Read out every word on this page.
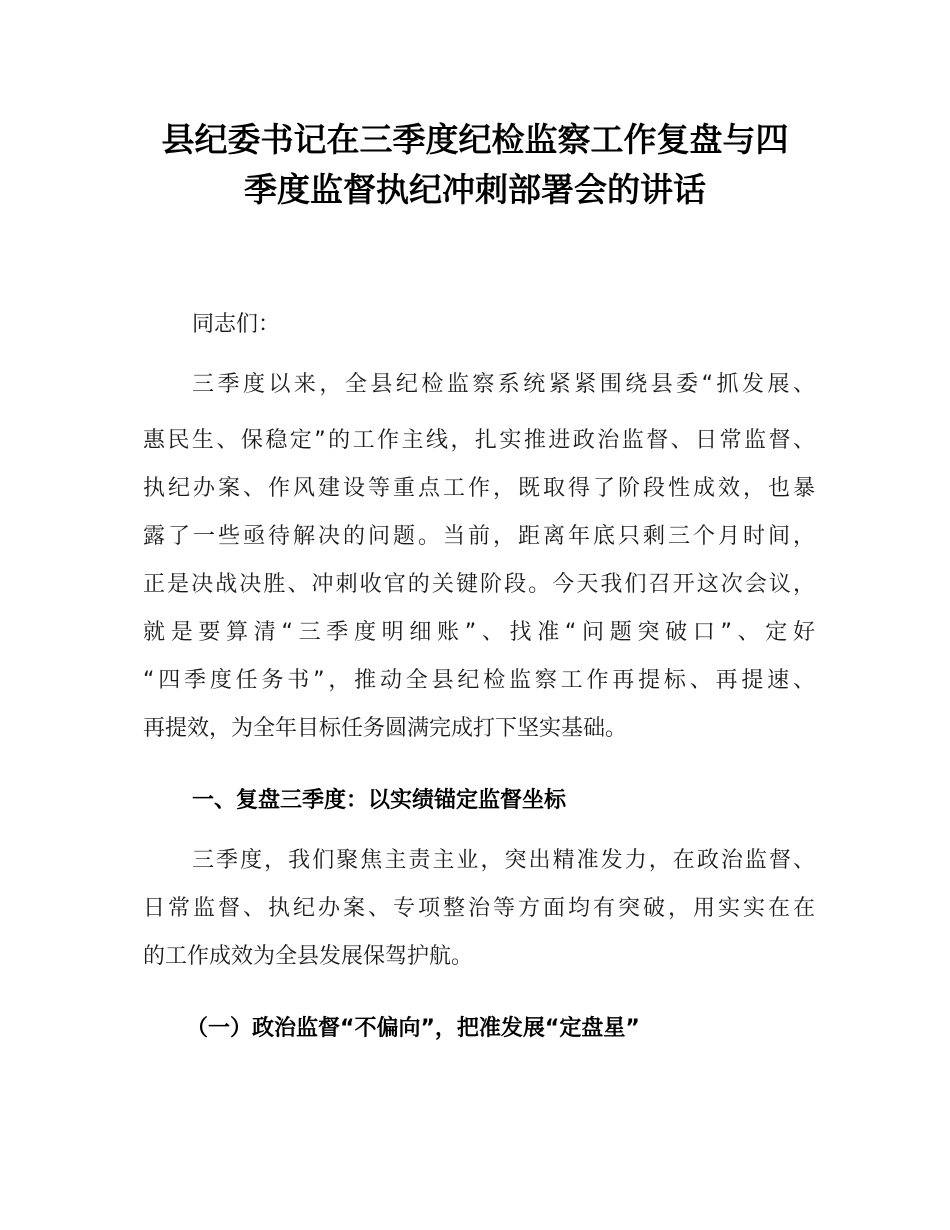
县纪委书记在三季度纪检监察工作复盘与四
季度监督执纪冲刺部署会的讲话
同志们：
三季度以来，全县纪检监察系统紧紧围绕县委“抓发展、
惠民生、保稳定”的工作主线，扎实推进政治监督、日常监督、
执纪办案、作风建设等重点工作，既取得了阶段性成效，也暴
露了一些亟待解决的问题。当前，距离年底只剩三个月时间，
正是决战决胜、冲刺收官的关键阶段。今天我们召开这次会议，
就是要算清“三季度明细账”、找准“问题突破口”、定好
“四季度任务书”，推动全县纪检监察工作再提标、再提速、
再提效，为全年目标任务圆满完成打下坚实基础。
一、复盘三季度：以实绩锚定监督坐标
三季度，我们聚焦主责主业，突出精准发力，在政治监督、
日常监督、执纪办案、专项整治等方面均有突破，用实实在在
的工作成效为全县发展保驾护航。
（一）政治监督“不偏向”，把准发展“定盘星”
